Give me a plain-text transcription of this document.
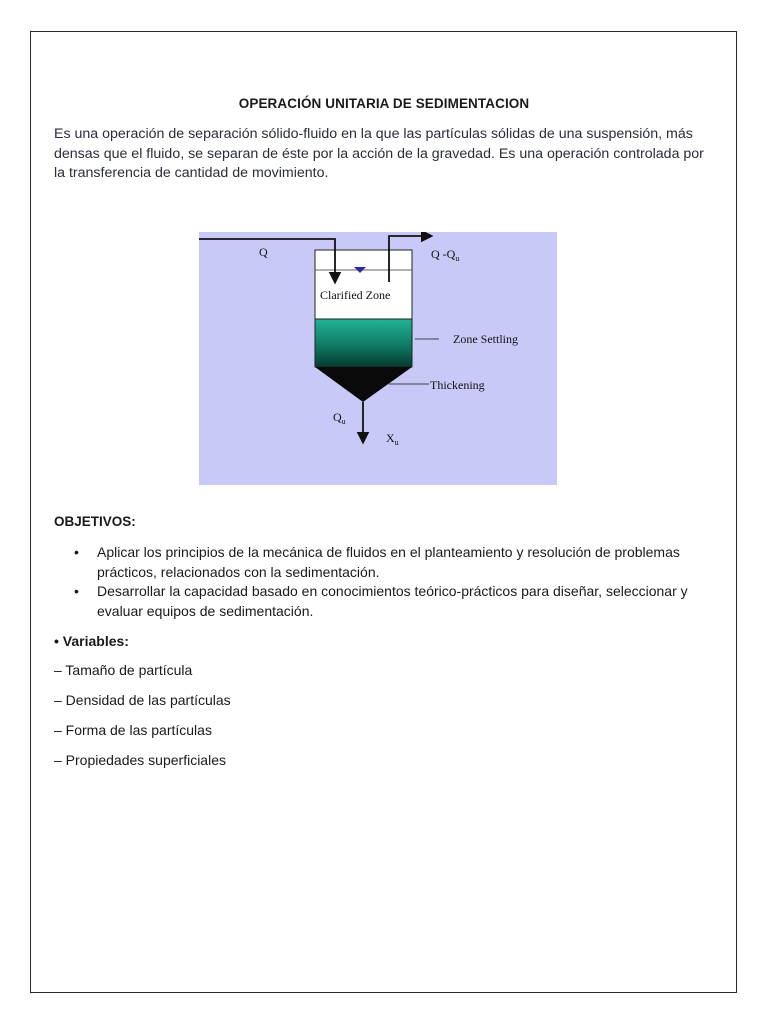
OPERACIÓN UNITARIA DE SEDIMENTACION
Es una operación de separación sólido-fluido en la que las partículas sólidas de una suspensión, más densas que el fluido, se separan de éste por la acción de la gravedad. Es una operación controlada por la transferencia de cantidad de movimiento.
Q	Q $-Q_u$
Clarified Zone
Zone Settling
Thickening
$Q_u$
$X_u$
OBJETIVOS:
• Aplicar los principios de la mecánica de fluidos en el planteamiento y resolución de problemas prácticos, relacionados con la sedimentación.
• Desarrollar la capacidad basado en conocimientos teórico-prácticos para diseñar, seleccionar y evaluar equipos de sedimentación.
• Variables:
– Tamaño de partícula
– Densidad de las partículas
– Forma de las partículas
– Propiedades superficiales
